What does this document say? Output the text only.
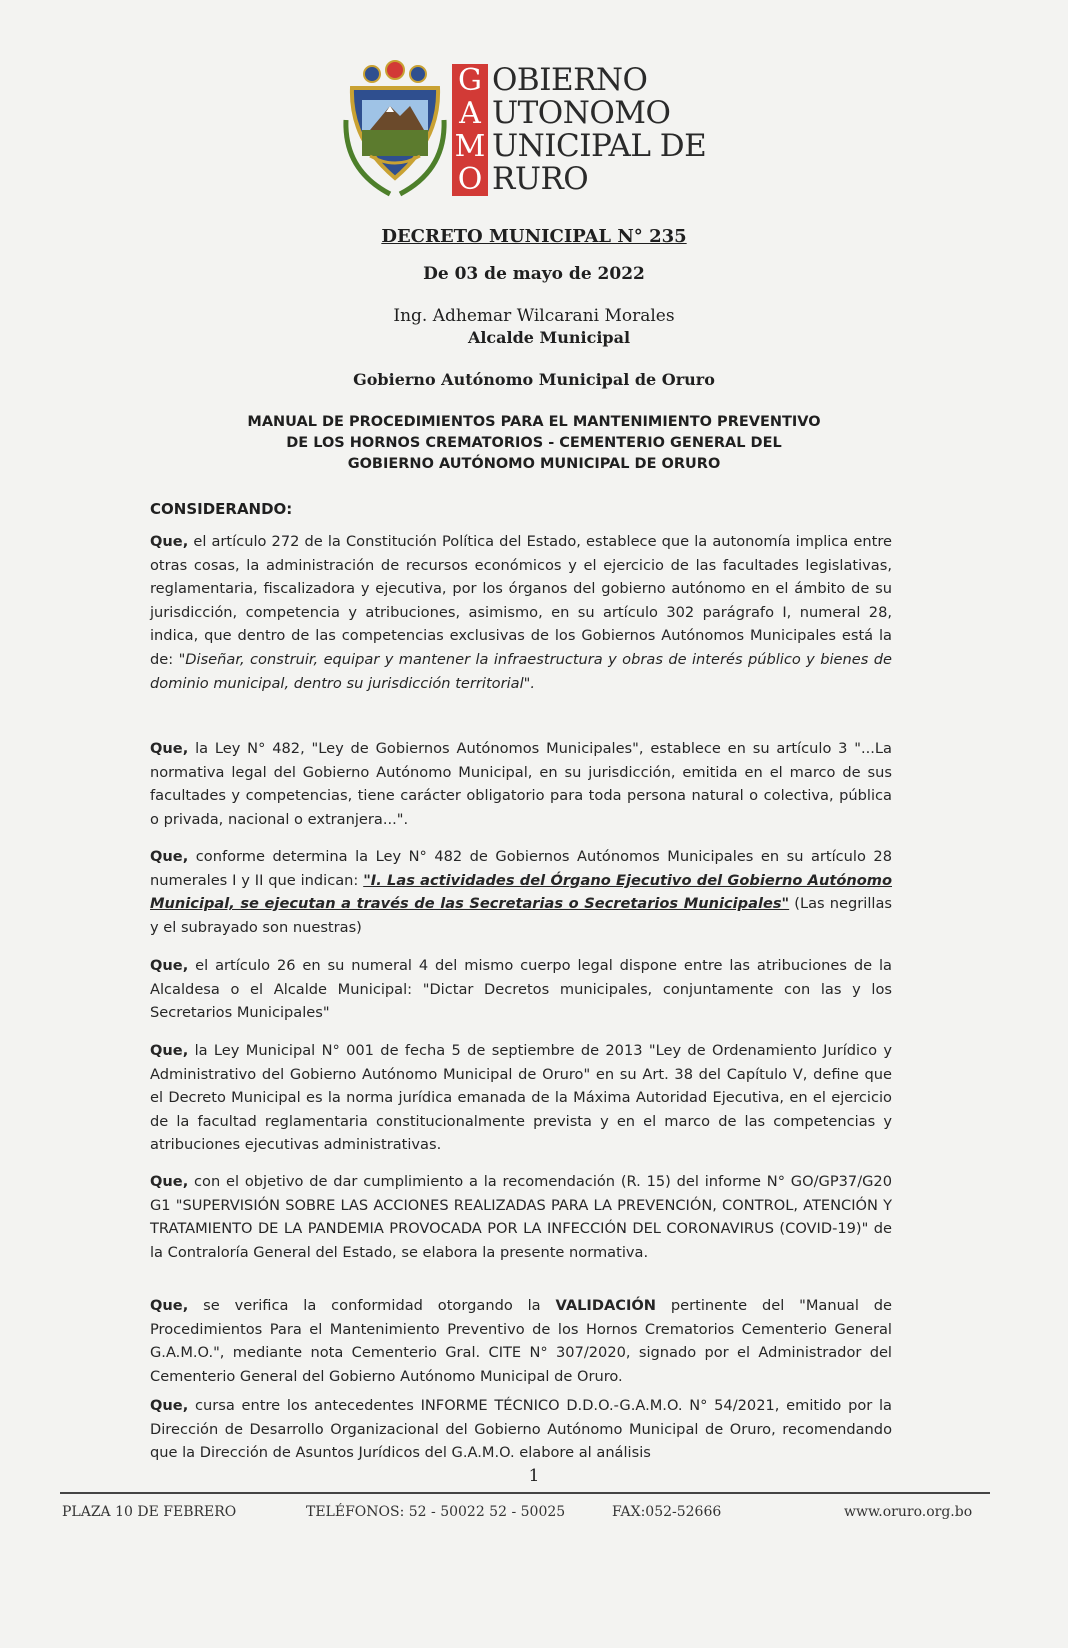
G
A
M
O
OBIERNO
UTONOMO
UNICIPAL DE
RURO
DECRETO MUNICIPAL N° 235
De 03 de mayo de 2022
Ing. Adhemar Wilcarani Morales
Alcalde Municipal
Gobierno Autónomo Municipal de Oruro
MANUAL DE PROCEDIMIENTOS PARA EL MANTENIMIENTO PREVENTIVO
DE LOS HORNOS CREMATORIOS - CEMENTERIO GENERAL DEL
GOBIERNO AUTÓNOMO MUNICIPAL DE ORURO
CONSIDERANDO:
Que, el artículo 272 de la Constitución Política del Estado, establece que la autonomía implica entre otras cosas, la administración de recursos económicos y el ejercicio de las facultades legislativas, reglamentaria, fiscalizadora y ejecutiva, por los órganos del gobierno autónomo en el ámbito de su jurisdicción, competencia y atribuciones, asimismo, en su artículo 302 parágrafo I, numeral 28, indica, que dentro de las competencias exclusivas de los Gobiernos Autónomos Municipales está la de: "Diseñar, construir, equipar y mantener la infraestructura y obras de interés público y bienes de dominio municipal, dentro su jurisdicción territorial".
Que, la Ley N° 482, "Ley de Gobiernos Autónomos Municipales", establece en su artículo 3 "...La normativa legal del Gobierno Autónomo Municipal, en su jurisdicción, emitida en el marco de sus facultades y competencias, tiene carácter obligatorio para toda persona natural o colectiva, pública o privada, nacional o extranjera...".
Que, conforme determina la Ley N° 482 de Gobiernos Autónomos Municipales en su artículo 28 numerales I y II que indican: "I. Las actividades del Órgano Ejecutivo del Gobierno Autónomo Municipal, se ejecutan a través de las Secretarias o Secretarios Municipales" (Las negrillas y el subrayado son nuestras)
Que, el artículo 26 en su numeral 4 del mismo cuerpo legal dispone entre las atribuciones de la Alcaldesa o el Alcalde Municipal: "Dictar Decretos municipales, conjuntamente con las y los Secretarios Municipales"
Que, la Ley Municipal N° 001 de fecha 5 de septiembre de 2013 "Ley de Ordenamiento Jurídico y Administrativo del Gobierno Autónomo Municipal de Oruro" en su Art. 38 del Capítulo V, define que el Decreto Municipal es la norma jurídica emanada de la Máxima Autoridad Ejecutiva, en el ejercicio de la facultad reglamentaria constitucionalmente prevista y en el marco de las competencias y atribuciones ejecutivas administrativas.
Que, con el objetivo de dar cumplimiento a la recomendación (R. 15) del informe N° GO/GP37/G20 G1 "SUPERVISIÓN SOBRE LAS ACCIONES REALIZADAS PARA LA PREVENCIÓN, CONTROL, ATENCIÓN Y TRATAMIENTO DE LA PANDEMIA PROVOCADA POR LA INFECCIÓN DEL CORONAVIRUS (COVID-19)" de la Contraloría General del Estado, se elabora la presente normativa.
Que, se verifica la conformidad otorgando la VALIDACIÓN pertinente del "Manual de Procedimientos Para el Mantenimiento Preventivo de los Hornos Crematorios Cementerio General G.A.M.O.", mediante nota Cementerio Gral. CITE N° 307/2020, signado por el Administrador del Cementerio General del Gobierno Autónomo Municipal de Oruro.
Que, cursa entre los antecedentes INFORME TÉCNICO D.D.O.-G.A.M.O. N° 54/2021, emitido por la Dirección de Desarrollo Organizacional del Gobierno Autónomo Municipal de Oruro, recomendando que la Dirección de Asuntos Jurídicos del G.A.M.O. elabore al análisis
1
PLAZA 10 DE FEBRERO	TELÉFONOS: 52 - 50022 52 - 50025	FAX:052-52666	www.oruro.org.bo
